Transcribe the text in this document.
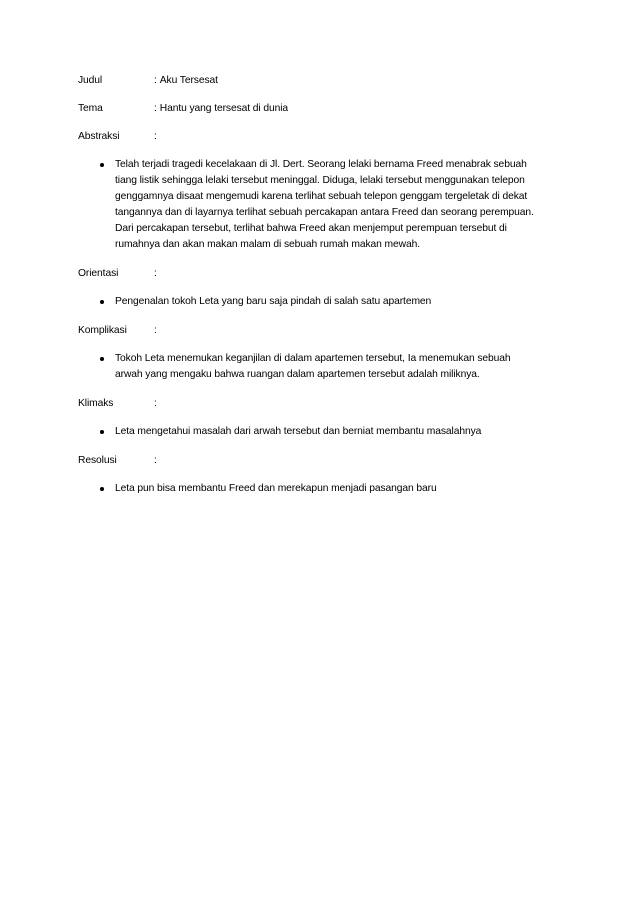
Judul	: Aku Tersesat
Tema	: Hantu yang tersesat di dunia
Abstraksi	:
Telah terjadi tragedi kecelakaan di Jl. Dert. Seorang lelaki bernama Freed menabrak sebuah
tiang listik sehingga lelaki tersebut meninggal. Diduga, lelaki tersebut menggunakan telepon
genggamnya disaat mengemudi karena terlihat sebuah telepon genggam tergeletak di dekat
tangannya dan di layarnya terlihat sebuah percakapan antara Freed dan seorang perempuan.
Dari percakapan tersebut, terlihat bahwa Freed akan menjemput perempuan tersebut di
rumahnya dan akan makan malam di sebuah rumah makan mewah.
Orientasi	:
Pengenalan tokoh Leta yang baru saja pindah di salah satu apartemen
Komplikasi	:
Tokoh Leta menemukan keganjilan di dalam apartemen tersebut, Ia menemukan sebuah
arwah yang mengaku bahwa ruangan dalam apartemen tersebut adalah miliknya.
Klimaks	:
Leta mengetahui masalah dari arwah tersebut dan berniat membantu masalahnya
Resolusi	:
Leta pun bisa membantu Freed dan merekapun menjadi pasangan baru
